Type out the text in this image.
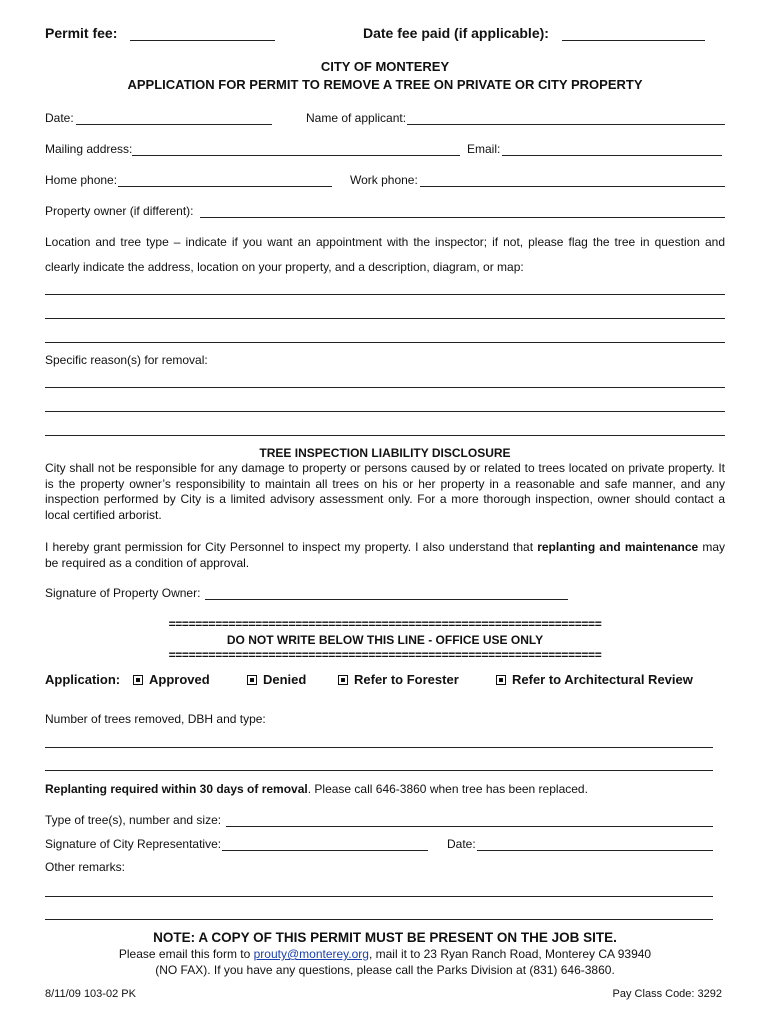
Permit fee:	Date fee paid (if applicable):
CITY OF MONTEREY
APPLICATION FOR PERMIT TO REMOVE A TREE ON PRIVATE OR CITY PROPERTY
Date:	Name of applicant:
Mailing address:	Email:
Home phone:	Work phone:
Property owner (if different):
Location and tree type – indicate if you want an appointment with the inspector; if not, please flag the tree in question and
clearly indicate the address, location on your property, and a description, diagram, or map:
Specific reason(s) for removal:
TREE INSPECTION LIABILITY DISCLOSURE
City shall not be responsible for any damage to property or persons caused by or related to trees located on private property. It is the property owner’s responsibility to maintain all trees on his or her property in a reasonable and safe manner, and any inspection performed by City is a limited advisory assessment only. For a more thorough inspection, owner should contact a local certified arborist.
I hereby grant permission for City Personnel to inspect my property. I also understand that replanting and maintenance may be required as a condition of approval.
Signature of Property Owner:
=================================================================
DO NOT WRITE BELOW THIS LINE - OFFICE USE ONLY
=================================================================
Application:	Approved	Denied	Refer to Forester	Refer to Architectural Review
Number of trees removed, DBH and type:
Replanting required within 30 days of removal. Please call 646-3860 when tree has been replaced.
Type of tree(s), number and size:
Signature of City Representative:	Date:
Other remarks:
NOTE: A COPY OF THIS PERMIT MUST BE PRESENT ON THE JOB SITE.
Please email this form to prouty@monterey.org, mail it to 23 Ryan Ranch Road, Monterey CA 93940
(NO FAX). If you have any questions, please call the Parks Division at (831) 646-3860.
8/11/09 103-02 PK	Pay Class Code: 3292
